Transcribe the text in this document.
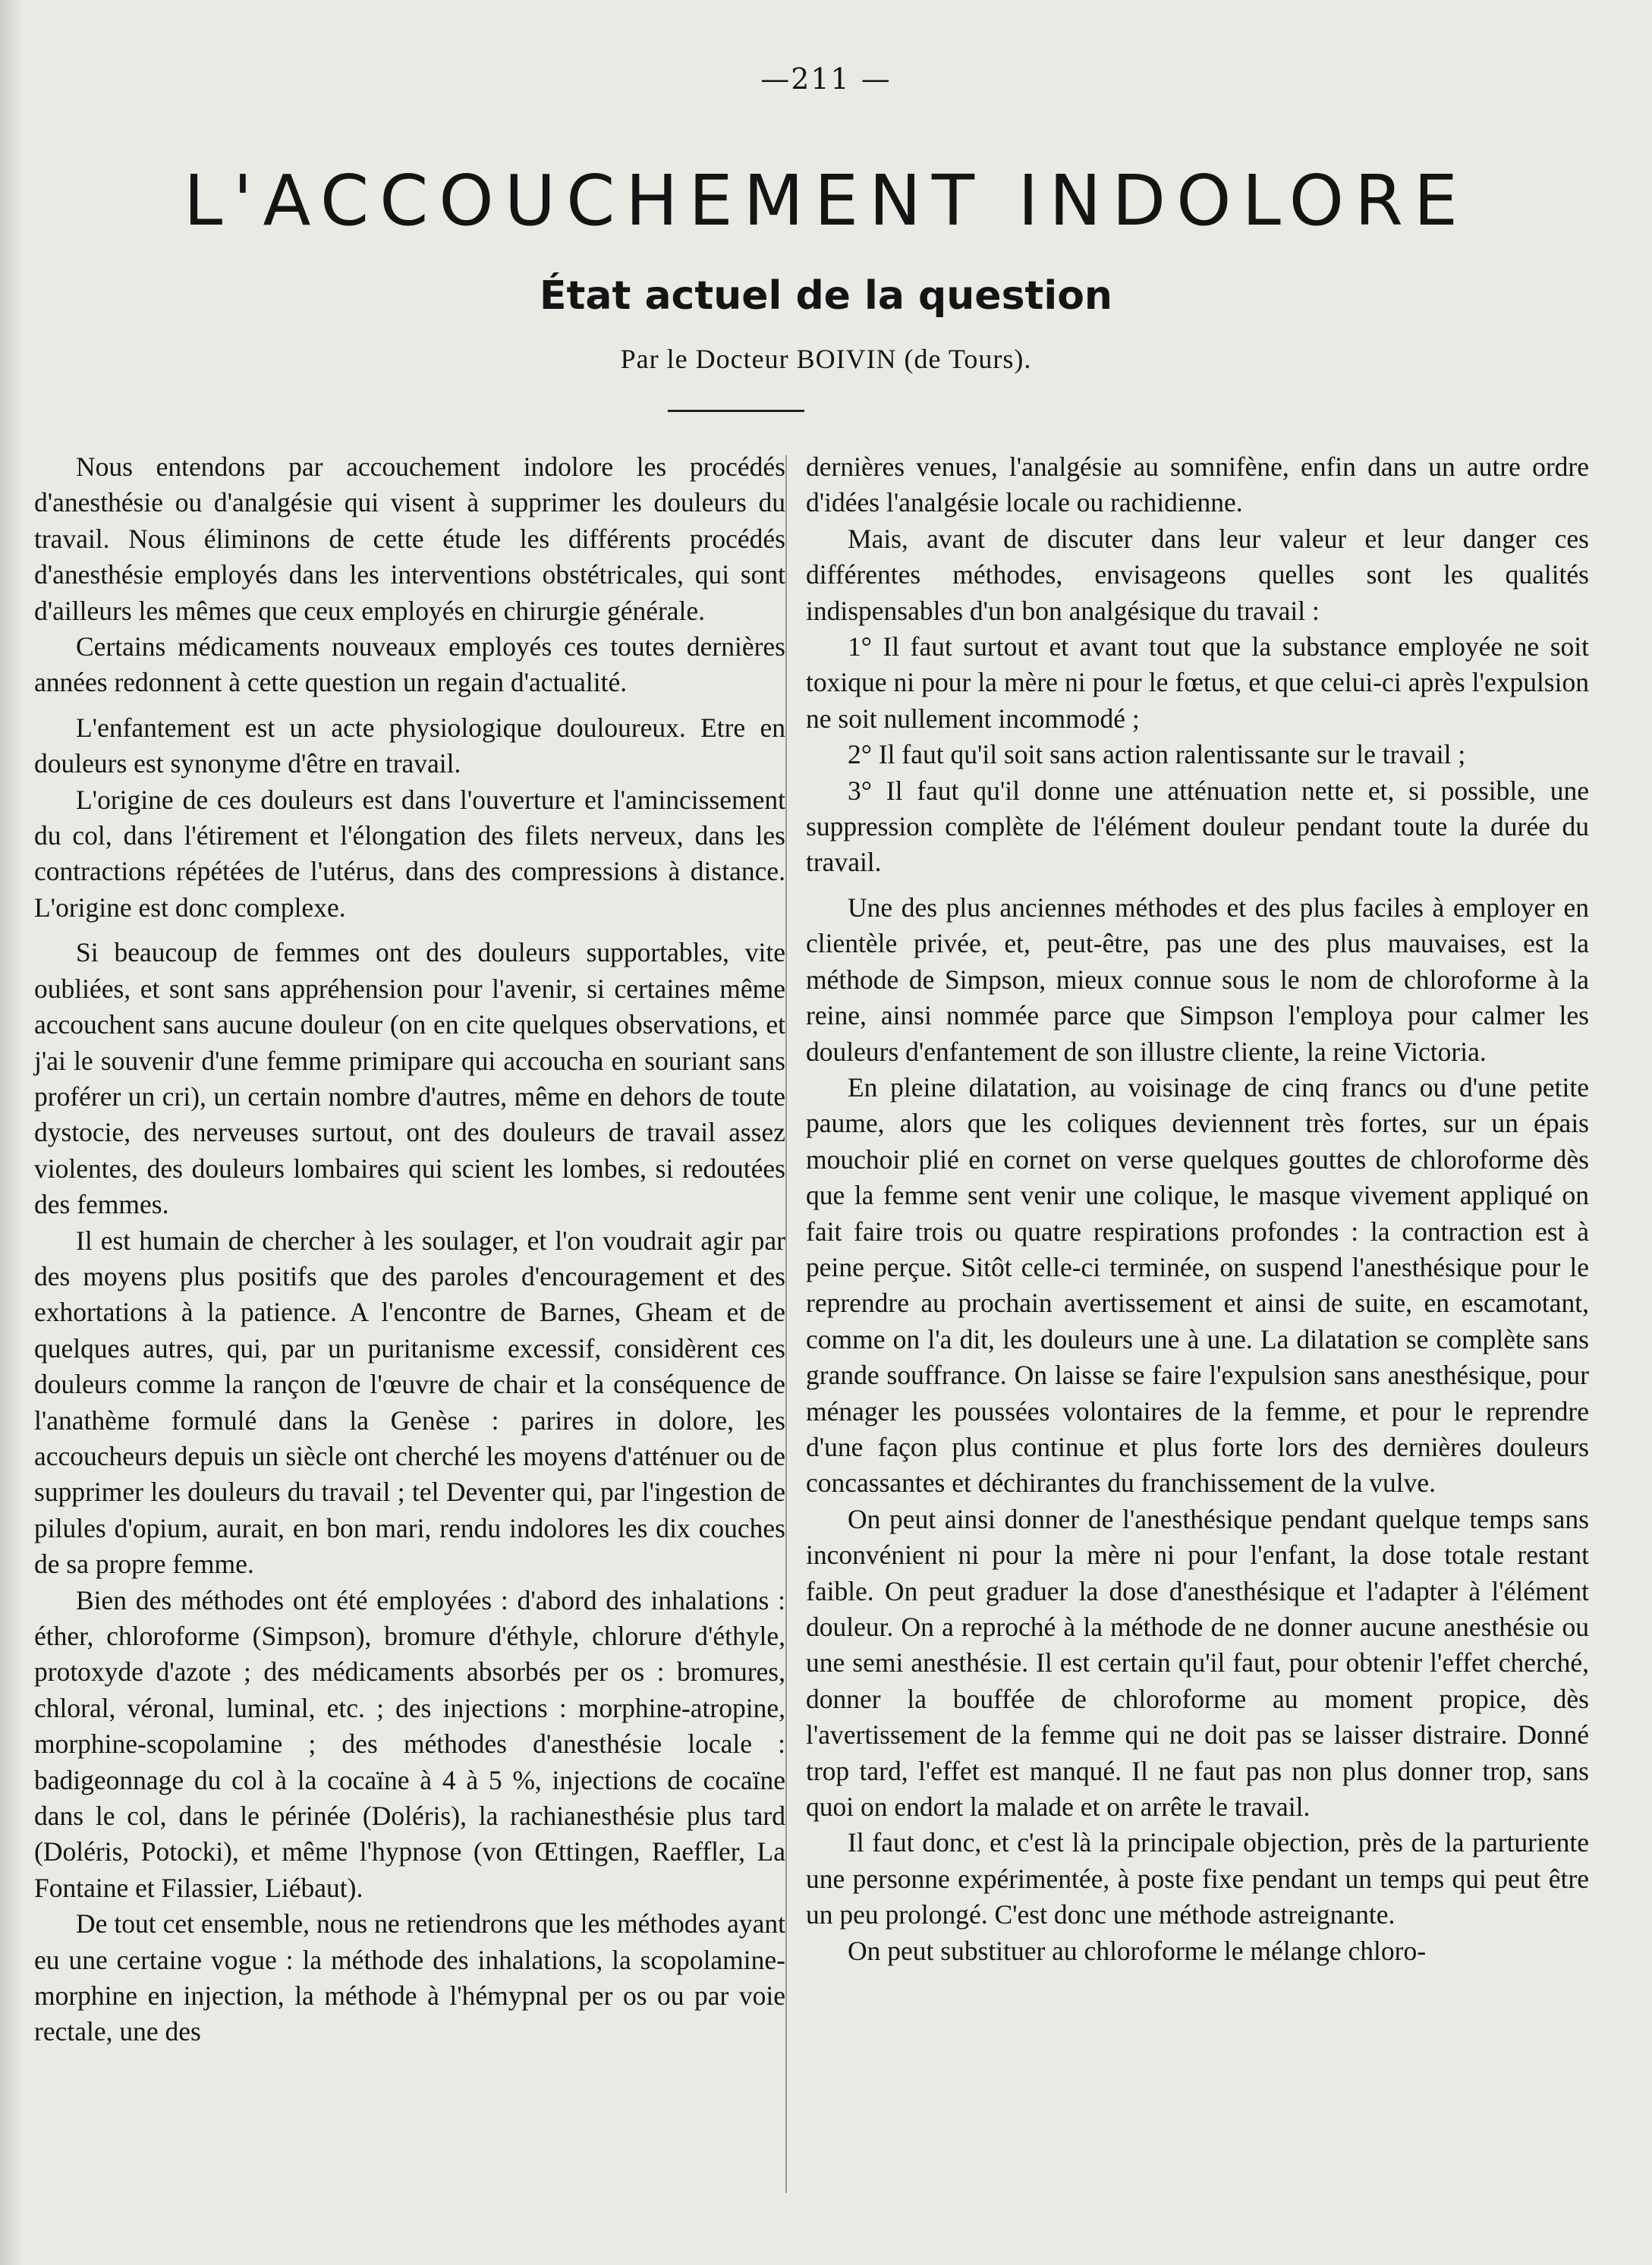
—211 —
L'ACCOUCHEMENT INDOLORE
État actuel de la question
Par le Docteur BOIVIN (de Tours).

Nous entendons par accouchement indolore les procédés d'anesthésie ou d'analgésie qui visent à supprimer les douleurs du travail. Nous éliminons de cette étude les différents procédés d'anesthésie employés dans les interventions obstétricales, qui sont d'ailleurs les mêmes que ceux employés en chirurgie générale.

Certains médicaments nouveaux employés ces toutes dernières années redonnent à cette question un regain d'actualité.

L'enfantement est un acte physiologique douloureux. Etre en douleurs est synonyme d'être en travail.

L'origine de ces douleurs est dans l'ouverture et l'amincissement du col, dans l'étirement et l'élongation des filets nerveux, dans les contractions répétées de l'utérus, dans des compressions à distance. L'origine est donc complexe.

Si beaucoup de femmes ont des douleurs supportables, vite oubliées, et sont sans appréhension pour l'avenir, si certaines même accouchent sans aucune douleur (on en cite quelques observations, et j'ai le souvenir d'une femme primipare qui accoucha en souriant sans proférer un cri), un certain nombre d'autres, même en dehors de toute dystocie, des nerveuses surtout, ont des douleurs de travail assez violentes, des douleurs lombaires qui scient les lombes, si redoutées des femmes.

Il est humain de chercher à les soulager, et l'on voudrait agir par des moyens plus positifs que des paroles d'encouragement et des exhortations à la patience. A l'encontre de Barnes, Gheam et de quelques autres, qui, par un puritanisme excessif, considèrent ces douleurs comme la rançon de l'œuvre de chair et la conséquence de l'anathème formulé dans la Genèse : parires in dolore, les accoucheurs depuis un siècle ont cherché les moyens d'atténuer ou de supprimer les douleurs du travail ; tel Deventer qui, par l'ingestion de pilules d'opium, aurait, en bon mari, rendu indolores les dix couches de sa propre femme.

Bien des méthodes ont été employées : d'abord des inhalations : éther, chloroforme (Simpson), bromure d'éthyle, chlorure d'éthyle, protoxyde d'azote ; des médicaments absorbés per os : bromures, chloral, véronal, luminal, etc. ; des injections : morphine-atropine, morphine-scopolamine ; des méthodes d'anesthésie locale : badigeonnage du col à la cocaïne à 4 à 5 %, injections de cocaïne dans le col, dans le périnée (Doléris), la rachianesthésie plus tard (Doléris, Potocki), et même l'hypnose (von Œttingen, Raeffler, La Fontaine et Filassier, Liébaut).

De tout cet ensemble, nous ne retiendrons que les méthodes ayant eu une certaine vogue : la méthode des inhalations, la scopolamine-morphine en injection, la méthode à l'hémypnal per os ou par voie rectale, une des

dernières venues, l'analgésie au somnifène, enfin dans un autre ordre d'idées l'analgésie locale ou rachidienne.

Mais, avant de discuter dans leur valeur et leur danger ces différentes méthodes, envisageons quelles sont les qualités indispensables d'un bon analgésique du travail :

1° Il faut surtout et avant tout que la substance employée ne soit toxique ni pour la mère ni pour le fœtus, et que celui-ci après l'expulsion ne soit nullement incommodé ;

2° Il faut qu'il soit sans action ralentissante sur le travail ;

3° Il faut qu'il donne une atténuation nette et, si possible, une suppression complète de l'élément douleur pendant toute la durée du travail.

Une des plus anciennes méthodes et des plus faciles à employer en clientèle privée, et, peut-être, pas une des plus mauvaises, est la méthode de Simpson, mieux connue sous le nom de chloroforme à la reine, ainsi nommée parce que Simpson l'employa pour calmer les douleurs d'enfantement de son illustre cliente, la reine Victoria.

En pleine dilatation, au voisinage de cinq francs ou d'une petite paume, alors que les coliques deviennent très fortes, sur un épais mouchoir plié en cornet on verse quelques gouttes de chloroforme dès que la femme sent venir une colique, le masque vivement appliqué on fait faire trois ou quatre respirations profondes : la contraction est à peine perçue. Sitôt celle-ci terminée, on suspend l'anesthésique pour le reprendre au prochain avertissement et ainsi de suite, en escamotant, comme on l'a dit, les douleurs une à une. La dilatation se complète sans grande souffrance. On laisse se faire l'expulsion sans anesthésique, pour ménager les poussées volontaires de la femme, et pour le reprendre d'une façon plus continue et plus forte lors des dernières douleurs concassantes et déchirantes du franchissement de la vulve.

On peut ainsi donner de l'anesthésique pendant quelque temps sans inconvénient ni pour la mère ni pour l'enfant, la dose totale restant faible. On peut graduer la dose d'anesthésique et l'adapter à l'élément douleur. On a reproché à la méthode de ne donner aucune anesthésie ou une semi anesthésie. Il est certain qu'il faut, pour obtenir l'effet cherché, donner la bouffée de chloroforme au moment propice, dès l'avertissement de la femme qui ne doit pas se laisser distraire. Donné trop tard, l'effet est manqué. Il ne faut pas non plus donner trop, sans quoi on endort la malade et on arrête le travail.

Il faut donc, et c'est là la principale objection, près de la parturiente une personne expérimentée, à poste fixe pendant un temps qui peut être un peu prolongé. C'est donc une méthode astreignante.

On peut substituer au chloroforme le mélange chloro-
